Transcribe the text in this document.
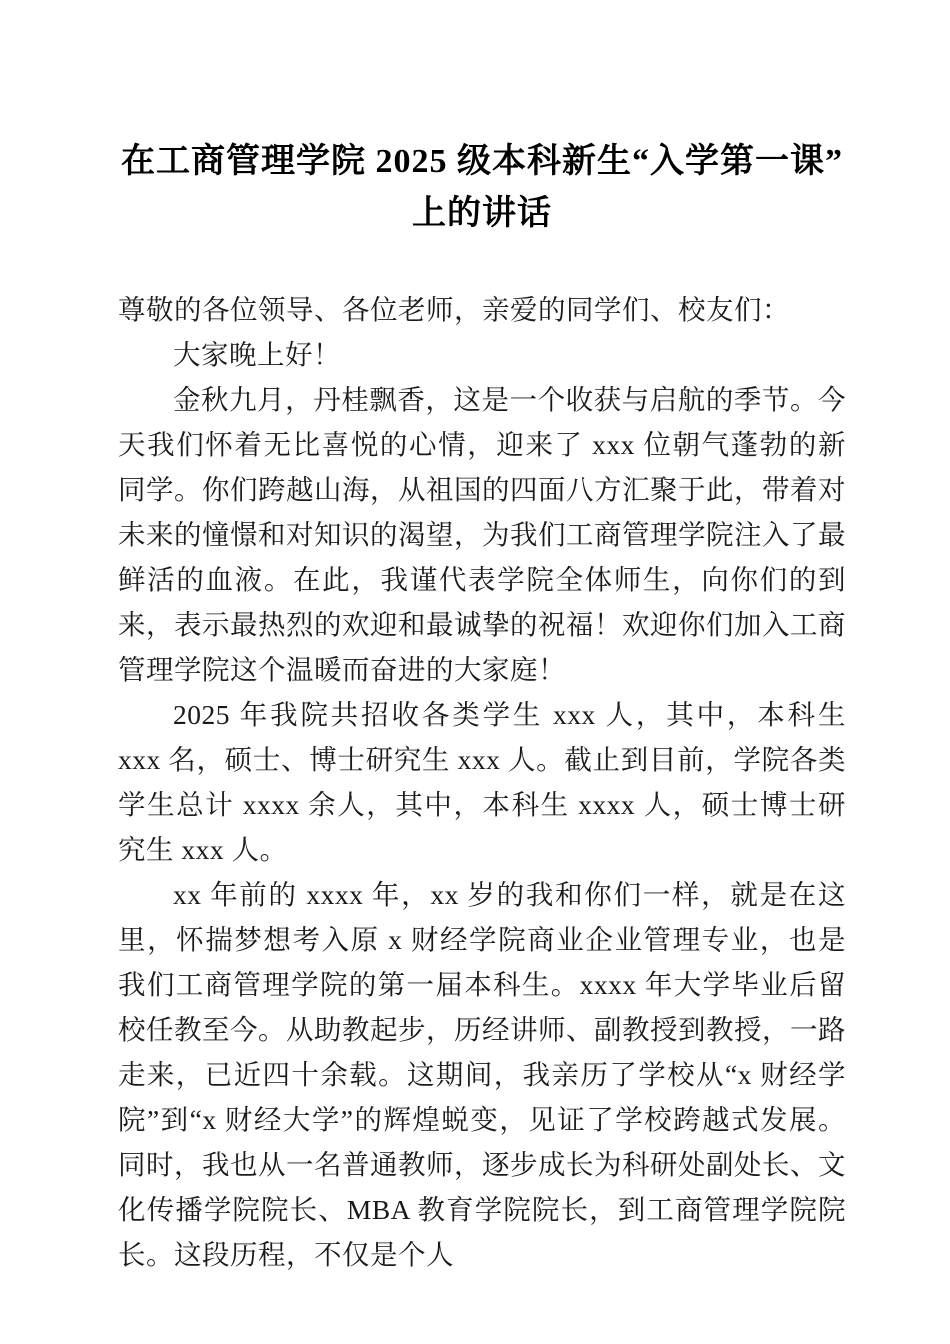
在工商管理学院 2025 级本科新生“入学第一课”上的讲话

尊敬的各位领导、各位老师，亲爱的同学们、校友们：

大家晚上好！

金秋九月，丹桂飘香，这是一个收获与启航的季节。今天我们怀着无比喜悦的心情，迎来了 xxx 位朝气蓬勃的新同学。你们跨越山海，从祖国的四面八方汇聚于此，带着对未来的憧憬和对知识的渴望，为我们工商管理学院注入了最鲜活的血液。在此，我谨代表学院全体师生，向你们的到来，表示最热烈的欢迎和最诚挚的祝福！欢迎你们加入工商管理学院这个温暖而奋进的大家庭！

2025 年我院共招收各类学生 xxx 人，其中，本科生 xxx 名，硕士、博士研究生 xxx 人。截止到目前，学院各类学生总计 xxxx 余人，其中，本科生 xxxx 人，硕士博士研究生 xxx 人。

xx 年前的 xxxx 年，xx 岁的我和你们一样，就是在这里，怀揣梦想考入原 x 财经学院商业企业管理专业，也是我们工商管理学院的第一届本科生。xxxx 年大学毕业后留校任教至今。从助教起步，历经讲师、副教授到教授，一路走来，已近四十余载。这期间，我亲历了学校从“x 财经学院”到“x 财经大学”的辉煌蜕变，见证了学校跨越式发展。同时，我也从一名普通教师，逐步成长为科研处副处长、文化传播学院院长、MBA 教育学院院长，到工商管理学院院长。这段历程，不仅是个人
